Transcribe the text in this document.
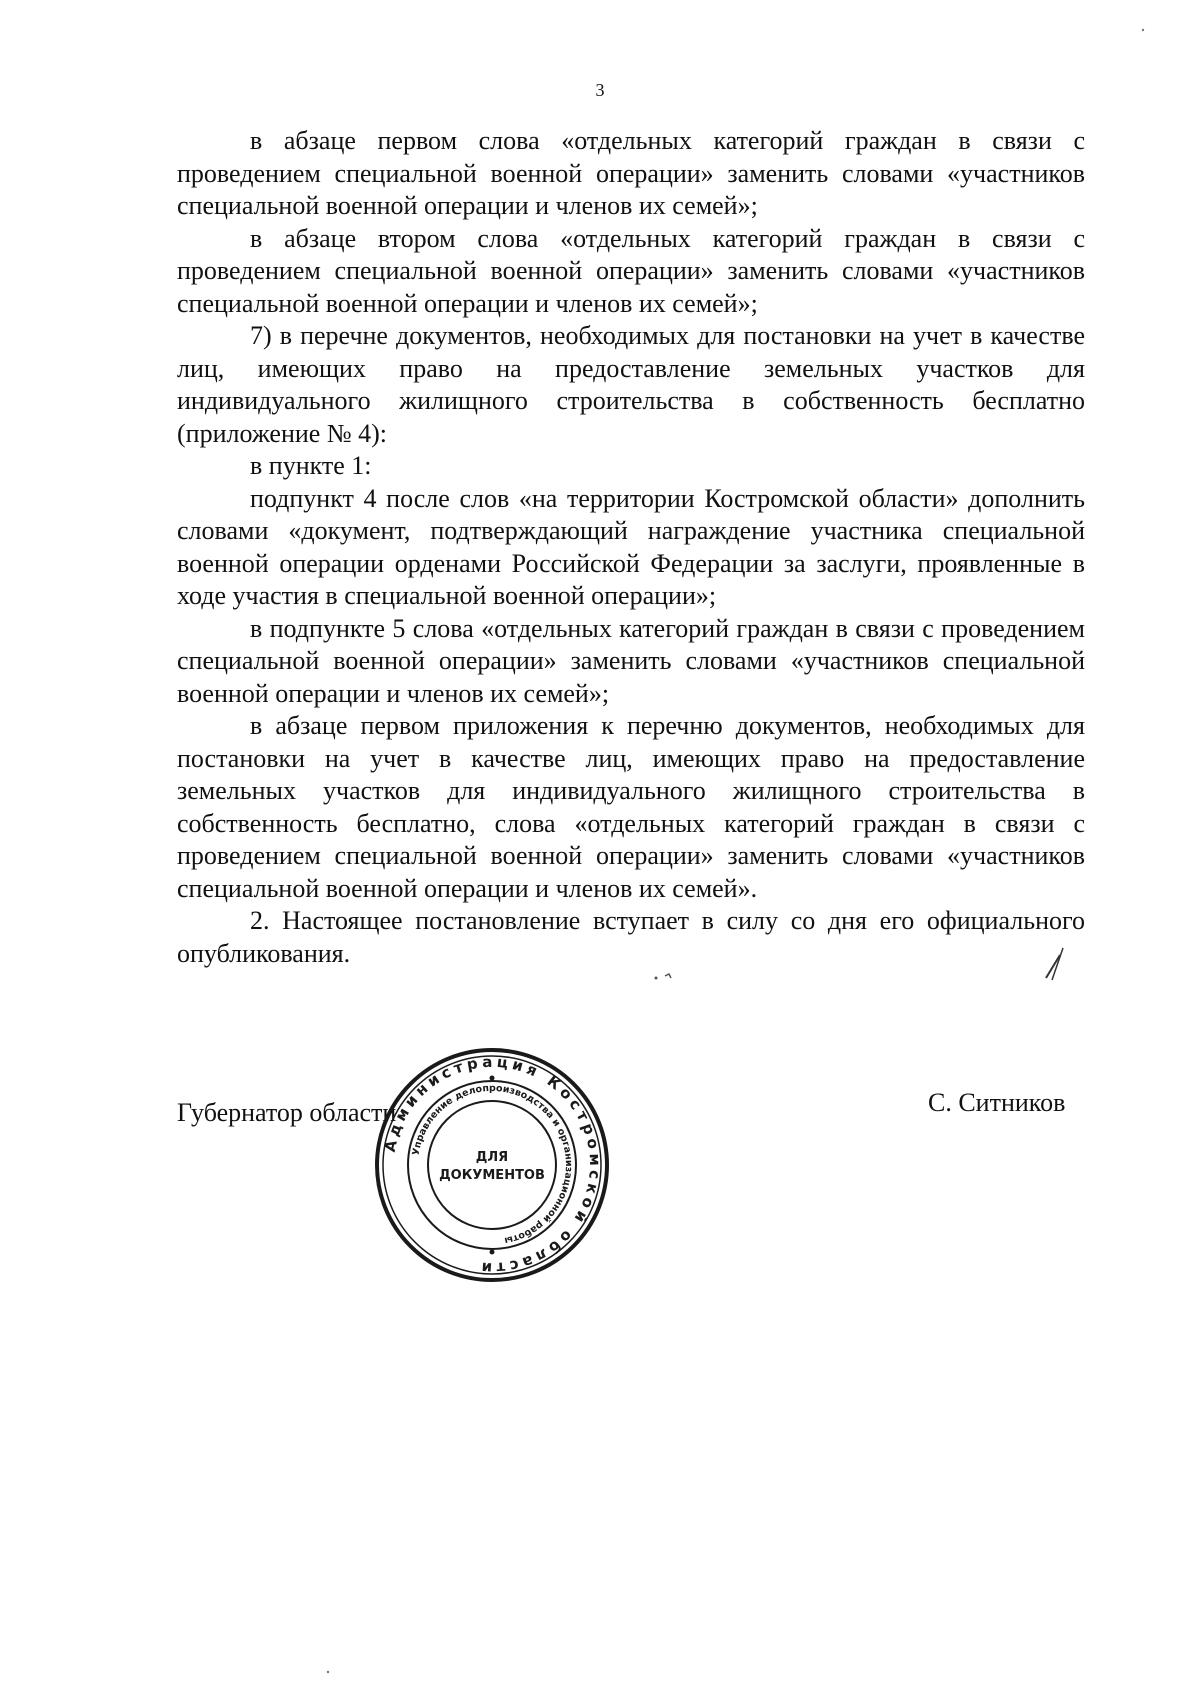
3

в абзаце первом слова «отдельных категорий граждан в связи с проведением специальной военной операции» заменить словами «участников специальной военной операции и членов их семей»;

в абзаце втором слова «отдельных категорий граждан в связи с проведением специальной военной операции» заменить словами «участников специальной военной операции и членов их семей»;

7) в перечне документов, необходимых для постановки на учет в качестве лиц, имеющих право на предоставление земельных участков для индивидуального жилищного строительства в собственность бесплатно (приложение № 4):

в пункте 1:

подпункт 4 после слов «на территории Костромской области» дополнить словами «документ, подтверждающий награждение участника специальной военной операции орденами Российской Федерации за заслуги, проявленные в ходе участия в специальной военной операции»;

в подпункте 5 слова «отдельных категорий граждан в связи с проведением специальной военной операции» заменить словами «участников специальной военной операции и членов их семей»;

в абзаце первом приложения к перечню документов, необходимых для постановки на учет в качестве лиц, имеющих право на предоставление земельных участков для индивидуального жилищного строительства в собственность бесплатно, слова «отдельных категорий граждан в связи с проведением специальной военной операции» заменить словами «участников специальной военной операции и членов их семей».

2. Настоящее постановление вступает в силу со дня его официального опубликования.

Губернатор области	С. Ситников
Администрация Костромской области
Управление делопроизводства и организационной работы
ДЛЯ
ДОКУМЕНТОВ
